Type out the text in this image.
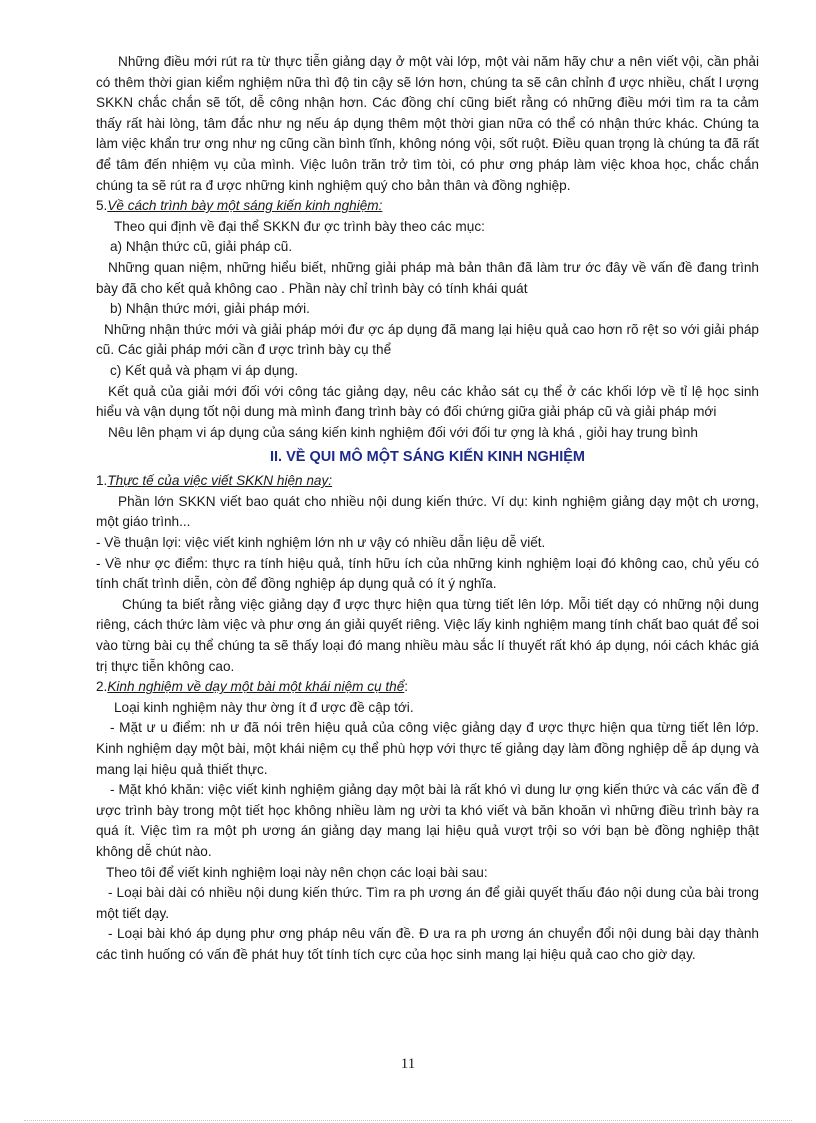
Những điều mới rút ra từ thực tiễn giảng dạy ở một vài lớp, một vài năm hãy chư a nên viết vội, cần phải có thêm thời gian kiểm nghiệm nữa thì độ tin cậy sẽ lớn hơn, chúng ta sẽ cân chỉnh đ ược nhiều, chất l ượng SKKN chắc chắn sẽ tốt, dễ công nhận hơn. Các đồng chí cũng biết rằng có những điều mới tìm ra ta cảm thấy rất hài lòng, tâm đắc như ng nếu áp dụng thêm một thời gian nữa có thể có nhận thức khác. Chúng ta làm việc khẩn trư ơng như ng cũng cần bình tĩnh, không nóng vội, sốt ruột. Điều quan trọng là chúng ta đã rất để tâm đến nhiệm vụ của mình. Việc luôn trăn trở tìm tòi, có phư ơng pháp làm việc khoa học, chắc chắn chúng ta sẽ rút ra đ ược những kinh nghiệm quý cho bản thân và đồng nghiệp.

5.Về cách trình bày một sáng kiến kinh nghiệm:

Theo qui định về đại thể SKKN đư ợc trình bày theo các mục:

a) Nhận thức cũ, giải pháp cũ.

Những quan niệm, những hiểu biết, những giải pháp mà bản thân đã làm trư ớc đây về vấn đề đang trình bày đã cho kết quả không cao . Phần này chỉ trình bày có tính khái quát

b) Nhận thức mới, giải pháp mới.

Những nhận thức mới và giải pháp mới đư ợc áp dụng đã mang lại hiệu quả cao hơn rõ rệt so với giải pháp cũ. Các giải pháp mới cần đ ược trình bày cụ thể

c) Kết quả và phạm vi áp dụng.

Kết quả của giải mới đối với công tác giảng dạy, nêu các khảo sát cụ thể ở các khối lớp về tỉ lệ học sinh hiểu và vận dụng tốt nội dung mà mình đang trình bày có đối chứng giữa giải pháp cũ và giải pháp mới

Nêu lên phạm vi áp dụng của sáng kiến kinh nghiệm đối với đối tư ợng là khá , giỏi hay trung bình

II. VỀ QUI MÔ MỘT SÁNG KIẾN KINH NGHIỆM

1.Thực tế của việc viết SKKN hiện nay:

Phần lớn SKKN viết bao quát cho nhiều nội dung kiến thức. Ví dụ: kinh nghiệm giảng dạy một ch ương, một giáo trình...

- Về thuận lợi: việc viết kinh nghiệm lớn nh ư vậy có nhiều dẫn liệu dễ viết.

- Về như ợc điểm: thực ra tính hiệu quả, tính hữu ích của những kinh nghiệm loại đó không cao, chủ yếu có tính chất trình diễn, còn để đồng nghiệp áp dụng quả có ít ý nghĩa.

Chúng ta biết rằng việc giảng dạy đ ược thực hiện qua từng tiết lên lớp. Mỗi tiết dạy có những nội dung riêng, cách thức làm việc và phư ơng án giải quyết riêng. Việc lấy kinh nghiệm mang tính chất bao quát để soi vào từng bài cụ thể chúng ta sẽ thấy loại đó mang nhiều màu sắc lí thuyết rất khó áp dụng, nói cách khác giá trị thực tiễn không cao.

2.Kinh nghiệm về dạy một bài một khái niệm cụ thể:

Loại kinh nghiệm này thư ờng ít đ ược đề cập tới.

- Mặt ư u điểm: nh ư đã nói trên hiệu quả của công việc giảng dạy đ ược thực hiện qua từng tiết lên lớp. Kinh nghiệm dạy một bài, một khái niệm cụ thể phù hợp với thực tế giảng dạy làm đồng nghiệp dễ áp dụng và mang lại hiệu quả thiết thực.

- Mặt khó khăn: việc viết kinh nghiệm giảng dạy một bài là rất khó vì dung lư ợng kiến thức và các vấn đề đ ược trình bày trong một tiết học không nhiều làm ng ười ta khó viết và băn khoăn vì những điều trình bày ra quá ít. Việc tìm ra một ph ương án giảng dạy mang lại hiệu quả vượt trội so với bạn bè đồng nghiệp thật không dễ chút nào.

Theo tôi để viết kinh nghiệm loại này nên chọn các loại bài sau:

- Loại bài dài có nhiều nội dung kiến thức. Tìm ra ph ương án để giải quyết thấu đáo nội dung của bài trong một tiết dạy.

- Loại bài khó áp dụng phư ơng pháp nêu vấn đề. Đ ưa ra ph ương án chuyển đổi nội dung bài dạy thành các tình huống có vấn đề phát huy tốt tính tích cực của học sinh mang lại hiệu quả cao cho giờ dạy.

11
